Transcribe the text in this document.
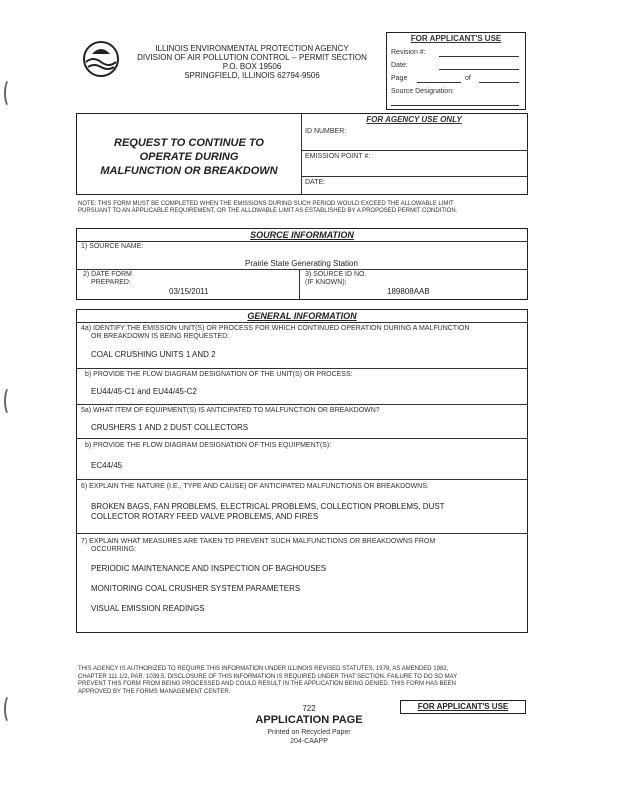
ILLINOIS ENVIRONMENTAL PROTECTION AGENCY
DIVISION OF AIR POLLUTION CONTROL -- PERMIT SECTION
P.O. BOX 19506
SPRINGFIELD, ILLINOIS 62794-9506
FOR APPLICANT'S USE
Revision #:
Date:
Page	of
Source Designation:
REQUEST TO CONTINUE TO
OPERATE DURING
MALFUNCTION OR BREAKDOWN
FOR AGENCY USE ONLY
ID NUMBER:
EMISSION POINT #:
DATE:
NOTE: THIS FORM MUST BE COMPLETED WHEN THE EMISSIONS DURING SUCH PERIOD WOULD EXCEED THE ALLOWABLE LIMIT
PURSUANT TO AN APPLICABLE REQUIREMENT, OR THE ALLOWABLE LIMIT AS ESTABLISHED BY A PROPOSED PERMIT CONDITION.
SOURCE INFORMATION
1) SOURCE NAME:
Prairie State Generating Station
2) DATE FORM
PREPARED:
03/15/2011
3) SOURCE ID NO.
(IF KNOWN):
189808AAB
GENERAL INFORMATION
4a) IDENTIFY THE EMISSION UNIT(S) OR PROCESS FOR WHICH CONTINUED OPERATION DURING A MALFUNCTION
OR BREAKDOWN IS BEING REQUESTED:
COAL CRUSHING UNITS 1 AND 2
b) PROVIDE THE FLOW DIAGRAM DESIGNATION OF THE UNIT(S) OR PROCESS:
EU44/45-C1 and EU44/45-C2
5a) WHAT ITEM OF EQUIPMENT(S) IS ANTICIPATED TO MALFUNCTION OR BREAKDOWN?
CRUSHERS 1 AND 2 DUST COLLECTORS
b) PROVIDE THE FLOW DIAGRAM DESIGNATION OF THIS EQUIPMENT(S):
EC44/45
6) EXPLAIN THE NATURE (I.E., TYPE AND CAUSE) OF ANTICIPATED MALFUNCTIONS OR BREAKDOWNS:
BROKEN BAGS, FAN PROBLEMS, ELECTRICAL PROBLEMS, COLLECTION PROBLEMS, DUST
COLLECTOR ROTARY FEED VALVE PROBLEMS, AND FIRES
7) EXPLAIN WHAT MEASURES ARE TAKEN TO PREVENT SUCH MALFUNCTIONS OR BREAKDOWNS FROM
OCCURRING:
PERIODIC MAINTENANCE AND INSPECTION OF BAGHOUSES
MONITORING COAL CRUSHER SYSTEM PARAMETERS
VISUAL EMISSION READINGS
THIS AGENCY IS AUTHORIZED TO REQUIRE THIS INFORMATION UNDER ILLINOIS REVISED STATUTES, 1979, AS AMENDED 1982,
CHAPTER 111 1/2, PAR. 1039.5. DISCLOSURE OF THIS INFORMATION IS REQUIRED UNDER THAT SECTION. FAILURE TO DO SO MAY
PREVENT THIS FORM FROM BEING PROCESSED AND COULD RESULT IN THE APPLICATION BEING DENIED. THIS FORM HAS BEEN
APPROVED BY THE FORMS MANAGEMENT CENTER.
722
APPLICATION PAGE
Printed on Recycled Paper
204-CAAPP
FOR APPLICANT'S USE
